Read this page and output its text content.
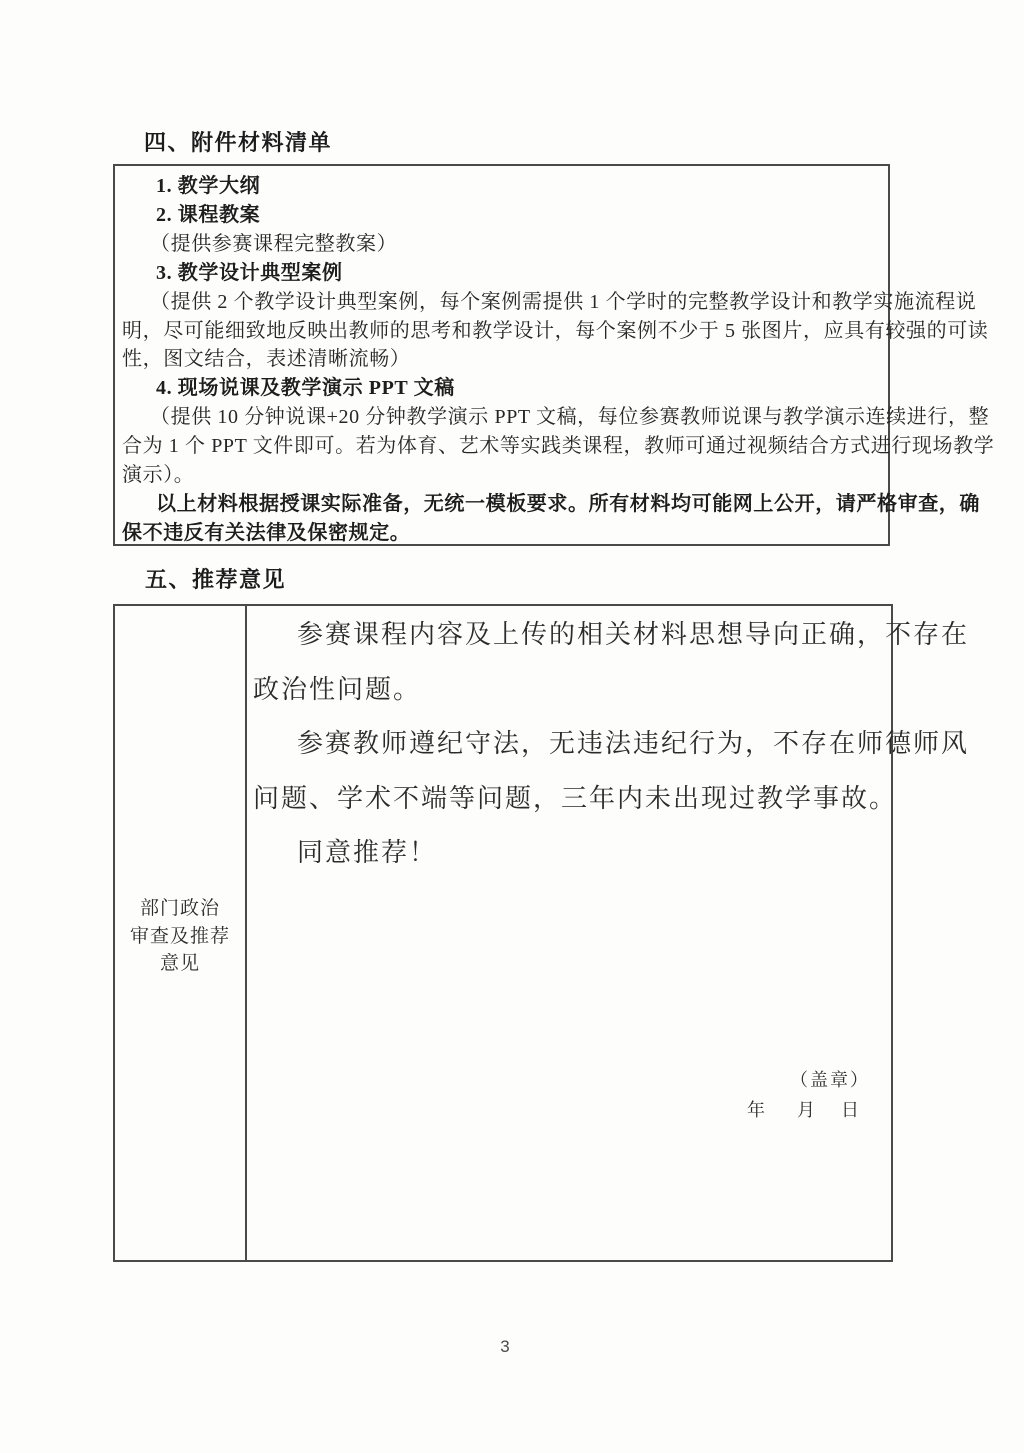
四、附件材料清单
1. 教学大纲
2. 课程教案
（提供参赛课程完整教案）
3. 教学设计典型案例
（提供 2 个教学设计典型案例，每个案例需提供 1 个学时的完整教学设计和教学实施流程说
明，尽可能细致地反映出教师的思考和教学设计，每个案例不少于 5 张图片，应具有较强的可读
性，图文结合，表述清晰流畅）
4. 现场说课及教学演示 PPT 文稿
（提供 10 分钟说课+20 分钟教学演示 PPT 文稿，每位参赛教师说课与教学演示连续进行，整
合为 1 个 PPT 文件即可。若为体育、艺术等实践类课程，教师可通过视频结合方式进行现场教学
演示）。
以上材料根据授课实际准备，无统一模板要求。所有材料均可能网上公开，请严格审查，确
保不违反有关法律及保密规定。
五、推荐意见
部门政治
审查及推荐
意见
参赛课程内容及上传的相关材料思想导向正确，不存在
政治性问题。
参赛教师遵纪守法，无违法违纪行为，不存在师德师风
问题、学术不端等问题，三年内未出现过教学事故。
同意推荐！
（盖章）
年 月 日
3
